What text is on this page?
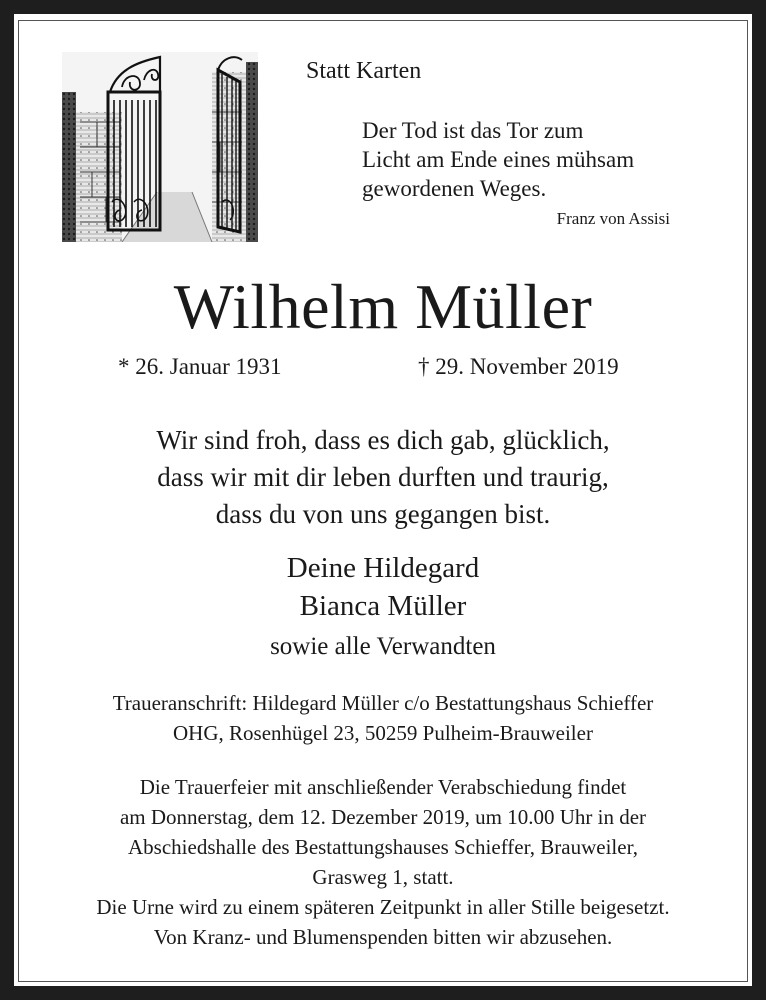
Statt Karten
Der Tod ist das Tor zum
Licht am Ende eines mühsam
gewordenen Weges.
Franz von Assisi
Wilhelm Müller
* 26. Januar 1931	† 29. November 2019
Wir sind froh, dass es dich gab, glücklich,
dass wir mit dir leben durften und traurig,
dass du von uns gegangen bist.
Deine Hildegard
Bianca Müller
sowie alle Verwandten
Traueranschrift: Hildegard Müller c/o Bestattungshaus Schieffer
OHG, Rosenhügel 23, 50259 Pulheim-Brauweiler
Die Trauerfeier mit anschließender Verabschiedung findet
am Donnerstag, dem 12. Dezember 2019, um 10.00 Uhr in der
Abschiedshalle des Bestattungshauses Schieffer, Brauweiler,
Grasweg 1, statt.
Die Urne wird zu einem späteren Zeitpunkt in aller Stille beigesetzt.
Von Kranz- und Blumenspenden bitten wir abzusehen.
